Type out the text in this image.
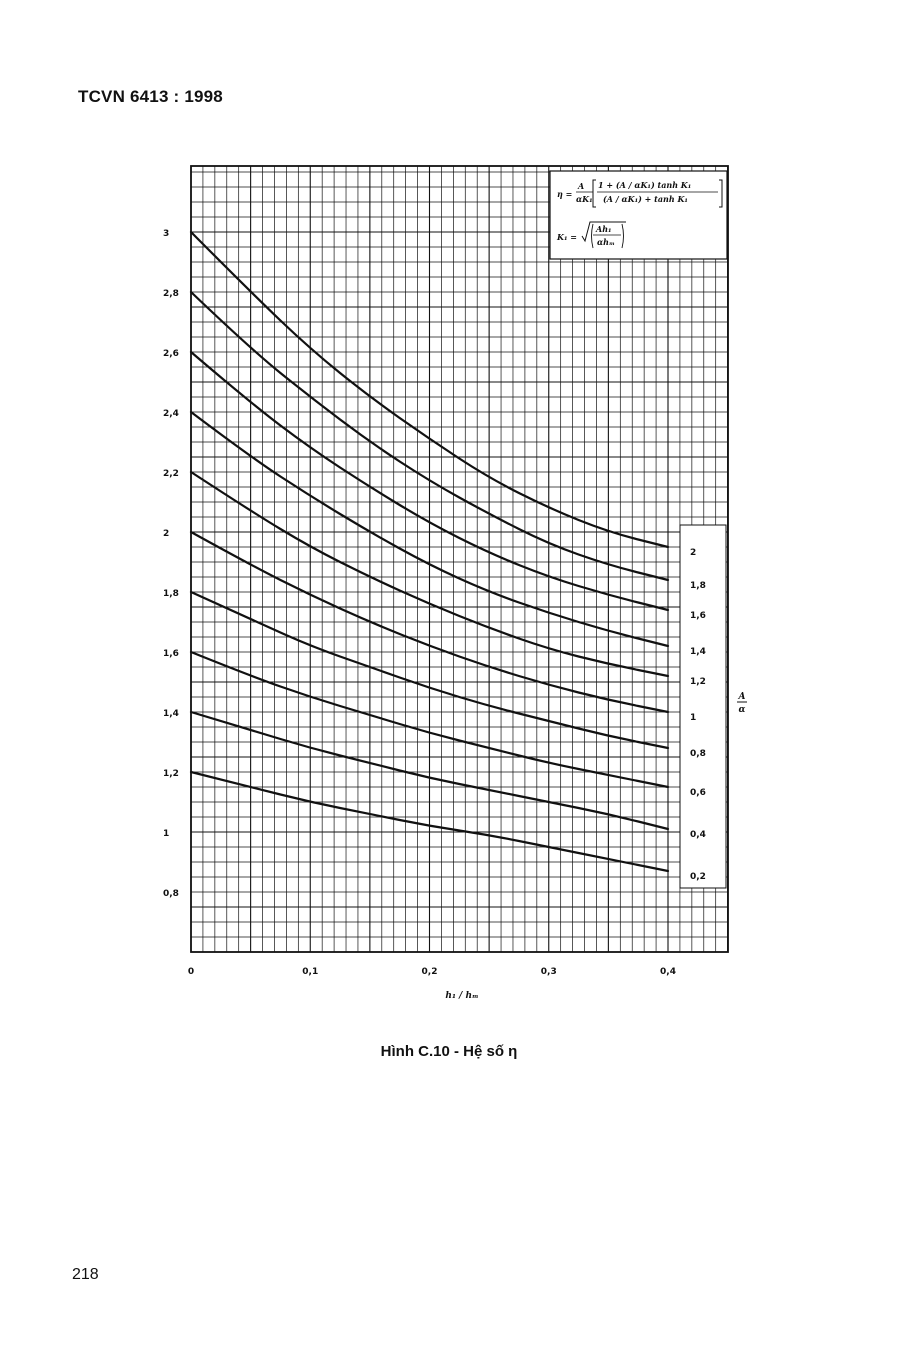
TCVN 6413 : 1998
3
2,8
2,6
2,4
2,2
2
1,8
1,6
1,4
1,2
1
0,8
0	0,1	0,2	0,3	0,4
η =
A
αK₁
1 + (A / αK₁) tanh K₁
(A / αK₁) + tanh K₁
K₁ =
Ah₁
αhₘ
2
1,8
1,6
1,4
1,2
1
0,8
0,6
0,4
0,2
A
α
h₁ / hₘ
Hình C.10 - Hệ số η
218
